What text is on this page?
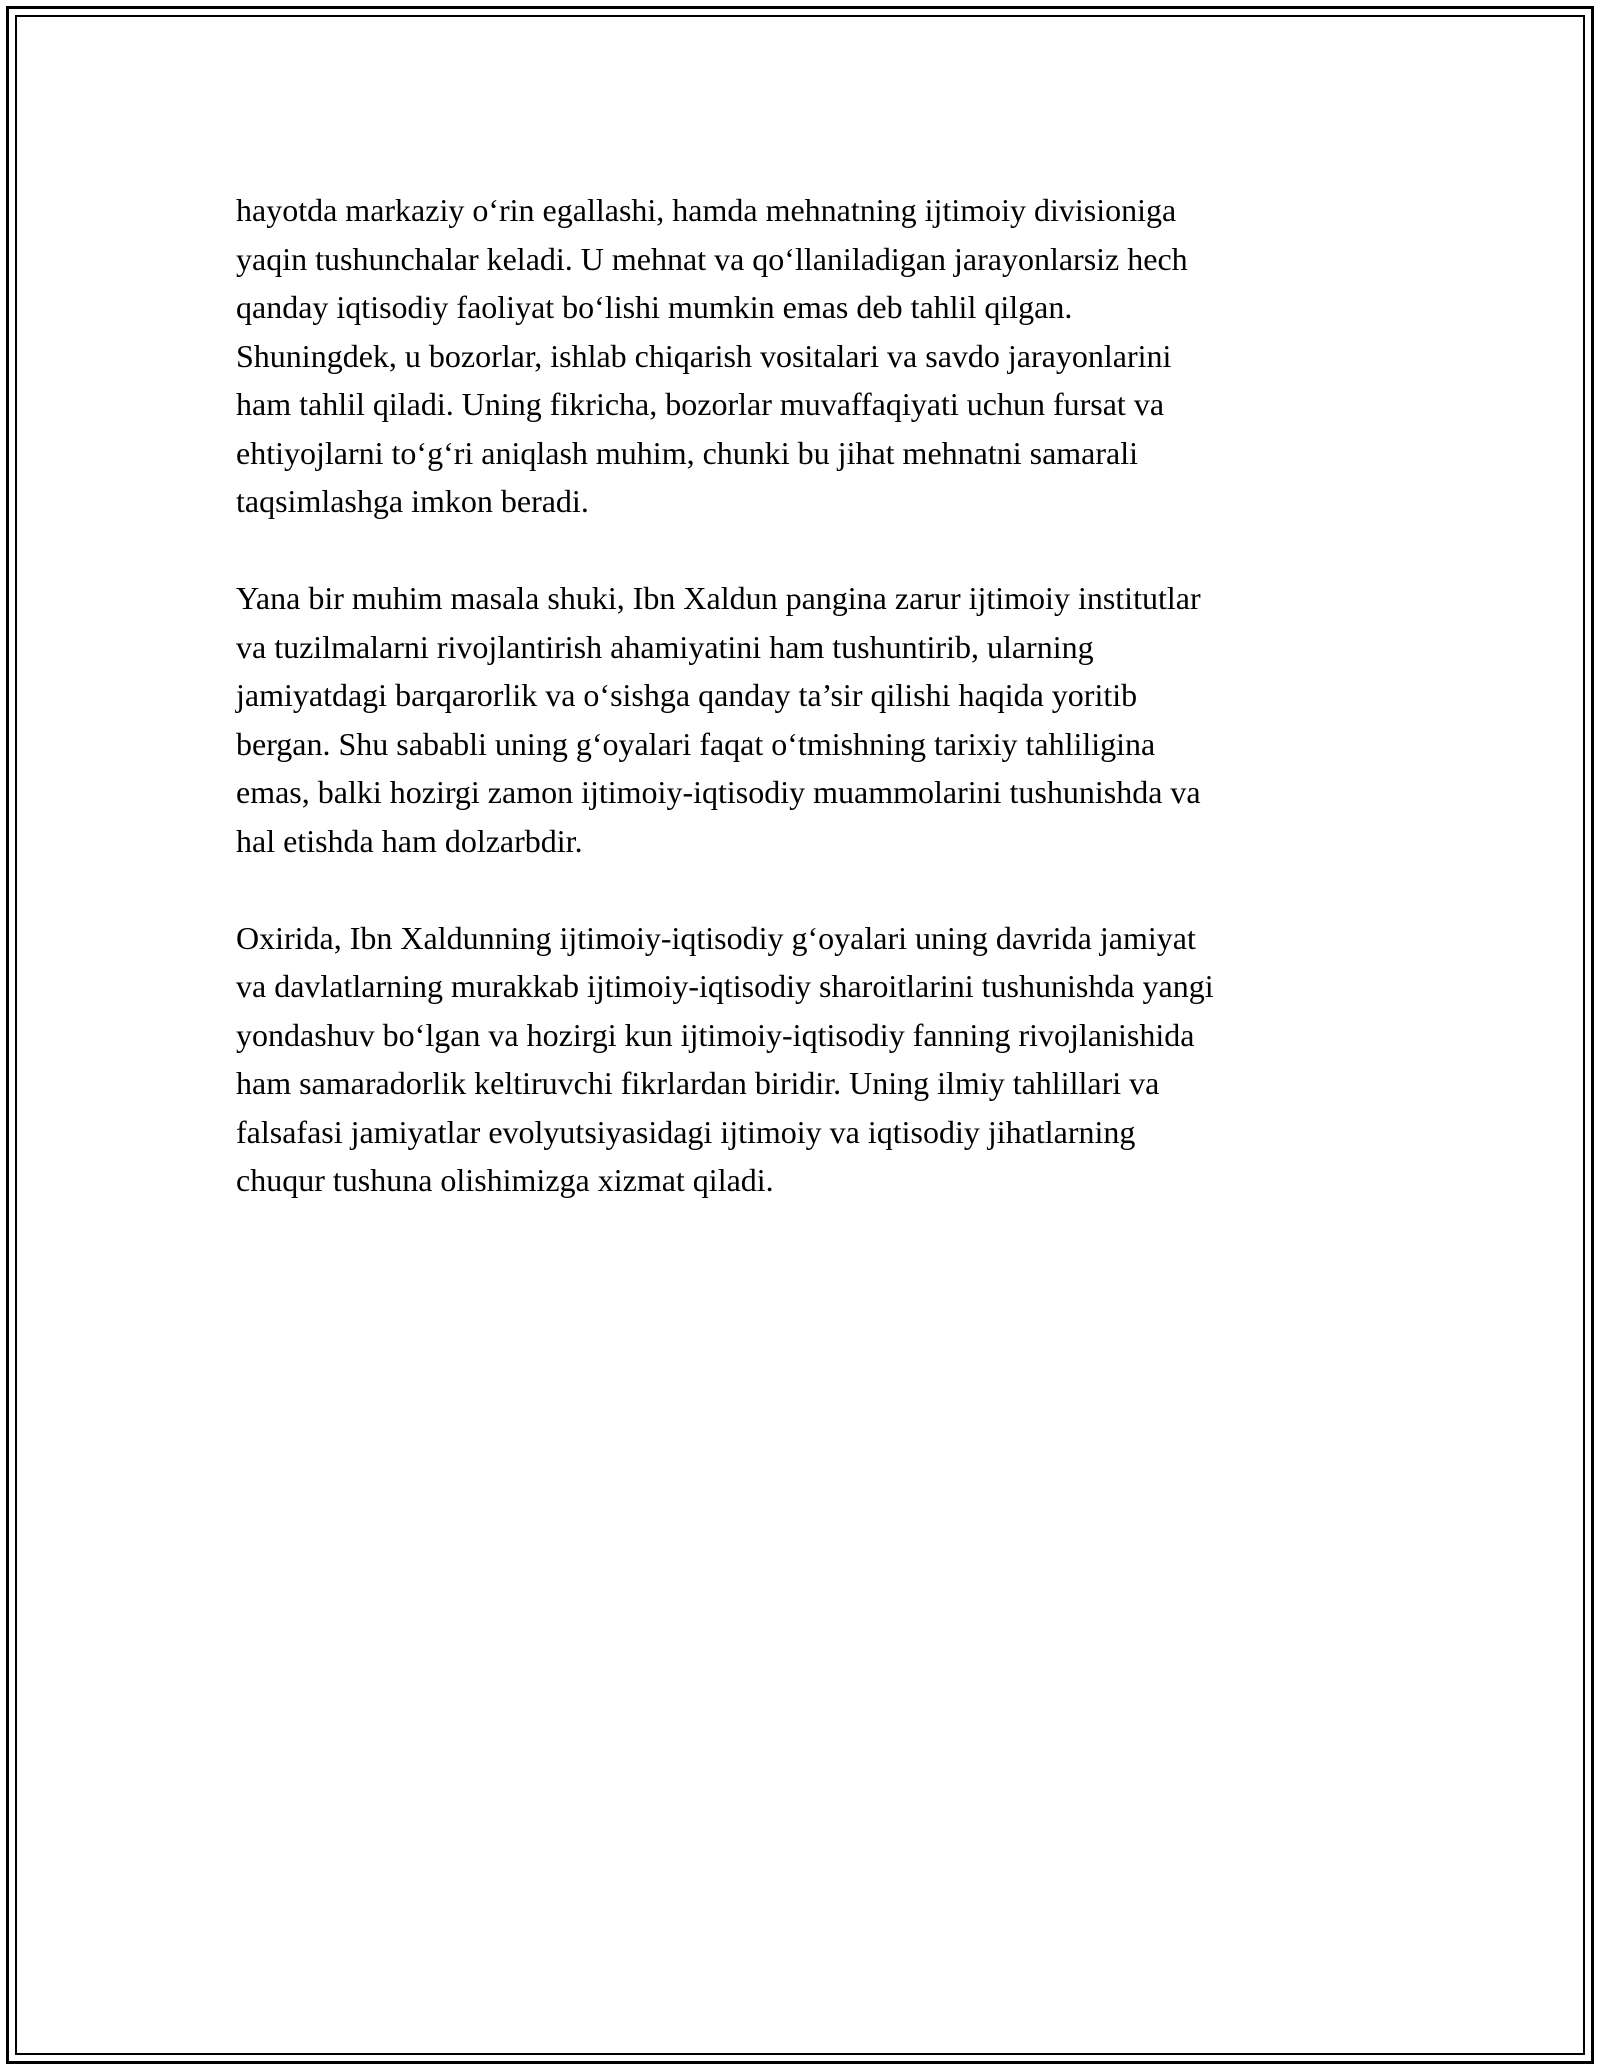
hayotda markaziy o‘rin egallashi, hamda mehnatning ijtimoiy divisioniga
yaqin tushunchalar keladi. U mehnat va qo‘llaniladigan jarayonlarsiz hech
qanday iqtisodiy faoliyat bo‘lishi mumkin emas deb tahlil qilgan.
Shuningdek, u bozorlar, ishlab chiqarish vositalari va savdo jarayonlarini
ham tahlil qiladi. Uning fikricha, bozorlar muvaffaqiyati uchun fursat va
ehtiyojlarni to‘g‘ri aniqlash muhim, chunki bu jihat mehnatni samarali
taqsimlashga imkon beradi.

Yana bir muhim masala shuki, Ibn Xaldun pangina zarur ijtimoiy institutlar
va tuzilmalarni rivojlantirish ahamiyatini ham tushuntirib, ularning
jamiyatdagi barqarorlik va o‘sishga qanday ta’sir qilishi haqida yoritib
bergan. Shu sababli uning g‘oyalari faqat o‘tmishning tarixiy tahliligina
emas, balki hozirgi zamon ijtimoiy-iqtisodiy muammolarini tushunishda va
hal etishda ham dolzarbdir.

Oxirida, Ibn Xaldunning ijtimoiy-iqtisodiy g‘oyalari uning davrida jamiyat
va davlatlarning murakkab ijtimoiy-iqtisodiy sharoitlarini tushunishda yangi
yondashuv bo‘lgan va hozirgi kun ijtimoiy-iqtisodiy fanning rivojlanishida
ham samaradorlik keltiruvchi fikrlardan biridir. Uning ilmiy tahlillari va
falsafasi jamiyatlar evolyutsiyasidagi ijtimoiy va iqtisodiy jihatlarning
chuqur tushuna olishimizga xizmat qiladi.
